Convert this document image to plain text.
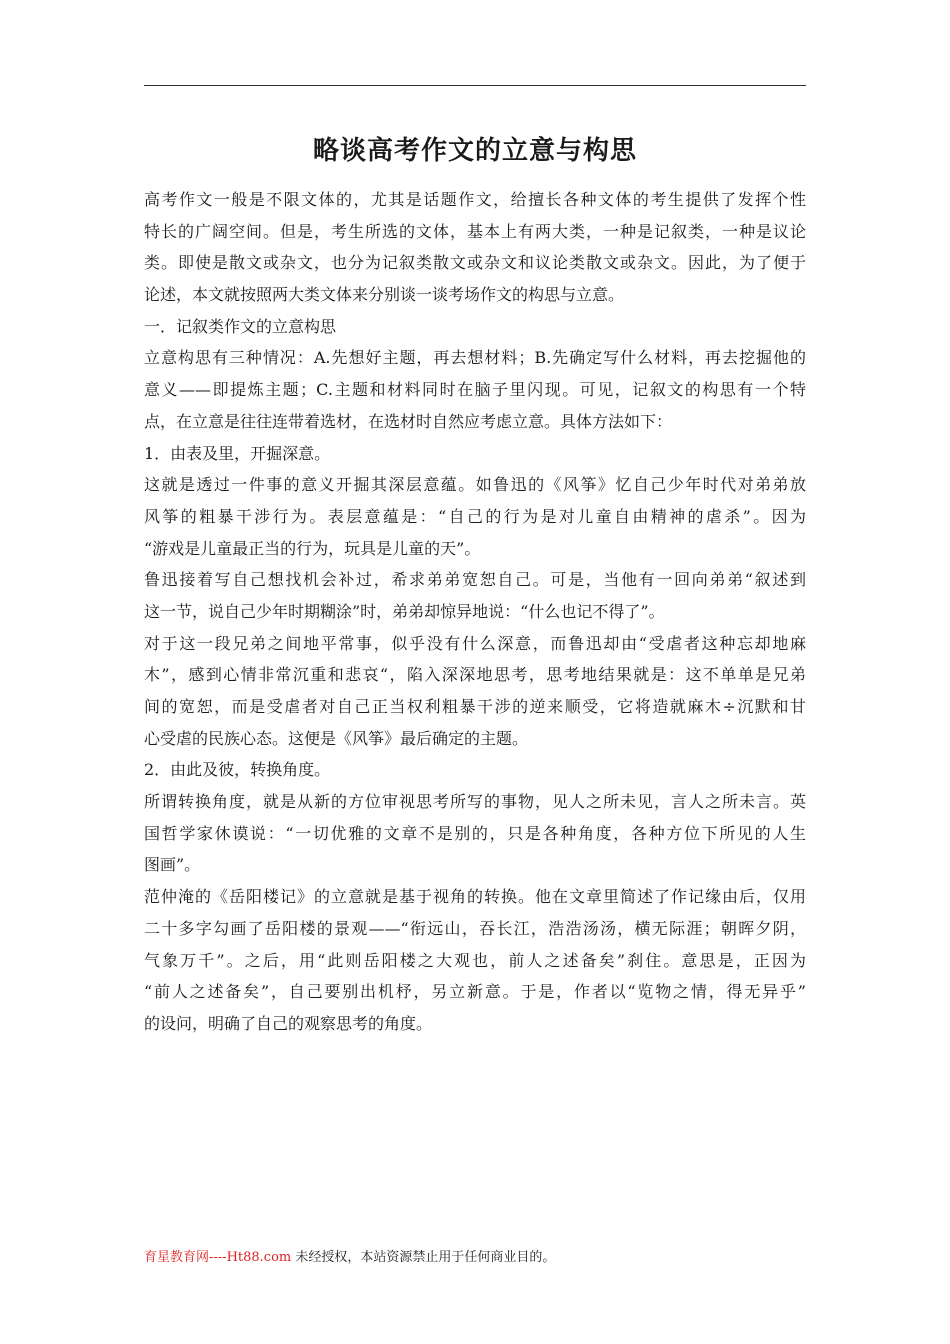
略谈高考作文的立意与构思
高考作文一般是不限文体的，尤其是话题作文，给擅长各种文体的考生提供了发挥个性
特长的广阔空间。但是，考生所选的文体，基本上有两大类，一种是记叙类，一种是议论
类。即使是散文或杂文，也分为记叙类散文或杂文和议论类散文或杂文。因此，为了便于
论述，本文就按照两大类文体来分别谈一谈考场作文的构思与立意。
一．记叙类作文的立意构思
立意构思有三种情况：A.先想好主题，再去想材料；B.先确定写什么材料，再去挖掘他的
意义——即提炼主题；C.主题和材料同时在脑子里闪现。可见，记叙文的构思有一个特
点，在立意是往往连带着选材，在选材时自然应考虑立意。具体方法如下：
1．由表及里，开掘深意。
这就是透过一件事的意义开掘其深层意蕴。如鲁迅的《风筝》忆自己少年时代对弟弟放
风筝的粗暴干涉行为。表层意蕴是：“自己的行为是对儿童自由精神的虐杀”。因为
“游戏是儿童最正当的行为，玩具是儿童的天”。
鲁迅接着写自己想找机会补过，希求弟弟宽恕自己。可是，当他有一回向弟弟“叙述到
这一节，说自己少年时期糊涂”时，弟弟却惊异地说：“什么也记不得了”。
对于这一段兄弟之间地平常事，似乎没有什么深意，而鲁迅却由“受虐者这种忘却地麻
木”，感到心情非常沉重和悲哀“，陷入深深地思考，思考地结果就是：这不单单是兄弟
间的宽恕，而是受虐者对自己正当权利粗暴干涉的逆来顺受，它将造就麻木÷沉默和甘
心受虐的民族心态。这便是《风筝》最后确定的主题。
2．由此及彼，转换角度。
所谓转换角度，就是从新的方位审视思考所写的事物，见人之所未见，言人之所未言。英
国哲学家休谟说：“一切优雅的文章不是别的，只是各种角度，各种方位下所见的人生
图画”。
范仲淹的《岳阳楼记》的立意就是基于视角的转换。他在文章里简述了作记缘由后，仅用
二十多字勾画了岳阳楼的景观——“衔远山，吞长江，浩浩汤汤，横无际涯；朝晖夕阴，
气象万千”。之后，用“此则岳阳楼之大观也，前人之述备矣”刹住。意思是，正因为
“前人之述备矣”，自己要别出机杼，另立新意。于是，作者以“览物之情，得无异乎”
的设问，明确了自己的观察思考的角度。
育星教育网----Ht88.com 未经授权，本站资源禁止用于任何商业目的。
